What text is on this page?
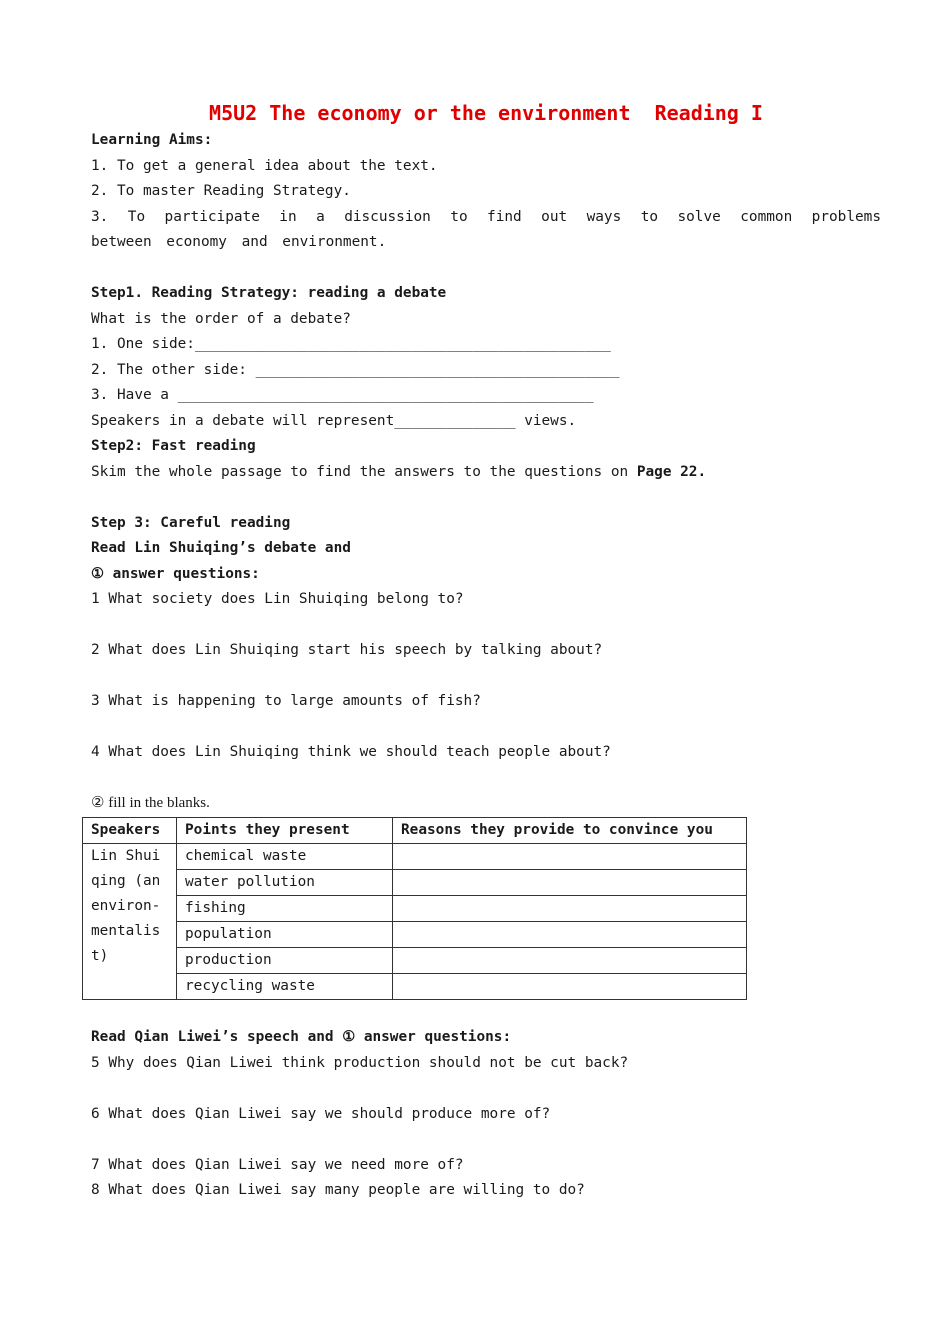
M5U2 The economy or the environment  Reading I
Learning Aims:
1. To get a general idea about the text.
2. To master Reading Strategy.
3. To participate in a discussion to find out ways to solve common problems between economy and environment.
Step1. Reading Strategy: reading a debate
What is the order of a debate?
1. One side:________________________________________________
2. The other side: __________________________________________
3. Have a ________________________________________________
Speakers in a debate will represent______________ views.
Step2: Fast reading
Skim the whole passage to find the answers to the questions on Page 22.
Step 3: Careful reading
Read Lin Shuiqing’s debate and
① answer questions:
1 What society does Lin Shuiqing belong to?
2 What does Lin Shuiqing start his speech by talking about?
3 What is happening to large amounts of fish?
4 What does Lin Shuiqing think we should teach people about?
② fill in the blanks.
Speakers	Points they present	Reasons they provide to convince you
Lin Shuiqing (an environ-mentalist)	chemical waste	
	water pollution	
	fishing	
	population	
	production	
	recycling waste	
Read Qian Liwei’s speech and ① answer questions:
5 Why does Qian Liwei think production should not be cut back?
6 What does Qian Liwei say we should produce more of?
7 What does Qian Liwei say we need more of?
8 What does Qian Liwei say many people are willing to do?
